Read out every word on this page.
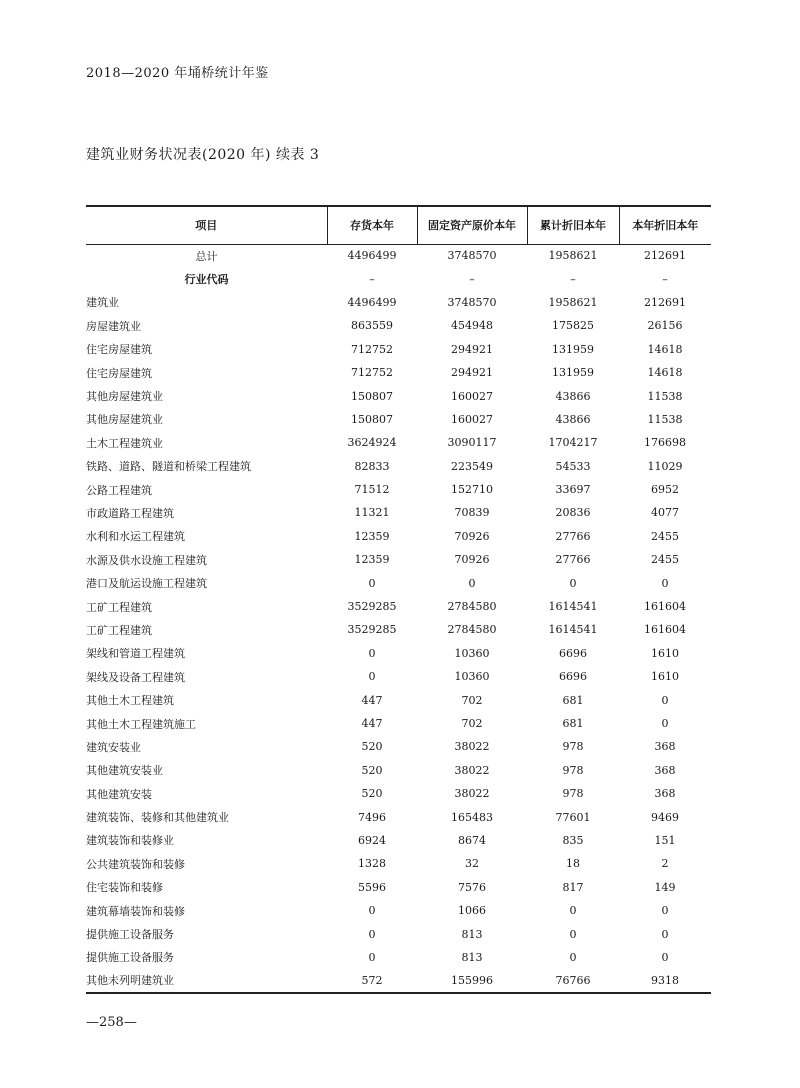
2018—2020 年埇桥统计年鉴
建筑业财务状况表(2020 年) 续表 3
项目	存货本年	固定资产原价本年	累计折旧本年	本年折旧本年
总计	4496499	3748570	1958621	212691
行业代码	–	–	–	–
建筑业	4496499	3748570	1958621	212691
房屋建筑业	863559	454948	175825	26156
住宅房屋建筑	712752	294921	131959	14618
住宅房屋建筑	712752	294921	131959	14618
其他房屋建筑业	150807	160027	43866	11538
其他房屋建筑业	150807	160027	43866	11538
土木工程建筑业	3624924	3090117	1704217	176698
铁路、道路、隧道和桥梁工程建筑	82833	223549	54533	11029
公路工程建筑	71512	152710	33697	6952
市政道路工程建筑	11321	70839	20836	4077
水利和水运工程建筑	12359	70926	27766	2455
水源及供水设施工程建筑	12359	70926	27766	2455
港口及航运设施工程建筑	0	0	0	0
工矿工程建筑	3529285	2784580	1614541	161604
工矿工程建筑	3529285	2784580	1614541	161604
架线和管道工程建筑	0	10360	6696	1610
架线及设备工程建筑	0	10360	6696	1610
其他土木工程建筑	447	702	681	0
其他土木工程建筑施工	447	702	681	0
建筑安装业	520	38022	978	368
其他建筑安装业	520	38022	978	368
其他建筑安装	520	38022	978	368
建筑装饰、装修和其他建筑业	7496	165483	77601	9469
建筑装饰和装修业	6924	8674	835	151
公共建筑装饰和装修	1328	32	18	2
住宅装饰和装修	5596	7576	817	149
建筑幕墙装饰和装修	0	1066	0	0
提供施工设备服务	0	813	0	0
提供施工设备服务	0	813	0	0
其他未列明建筑业	572	155996	76766	9318
—258—
